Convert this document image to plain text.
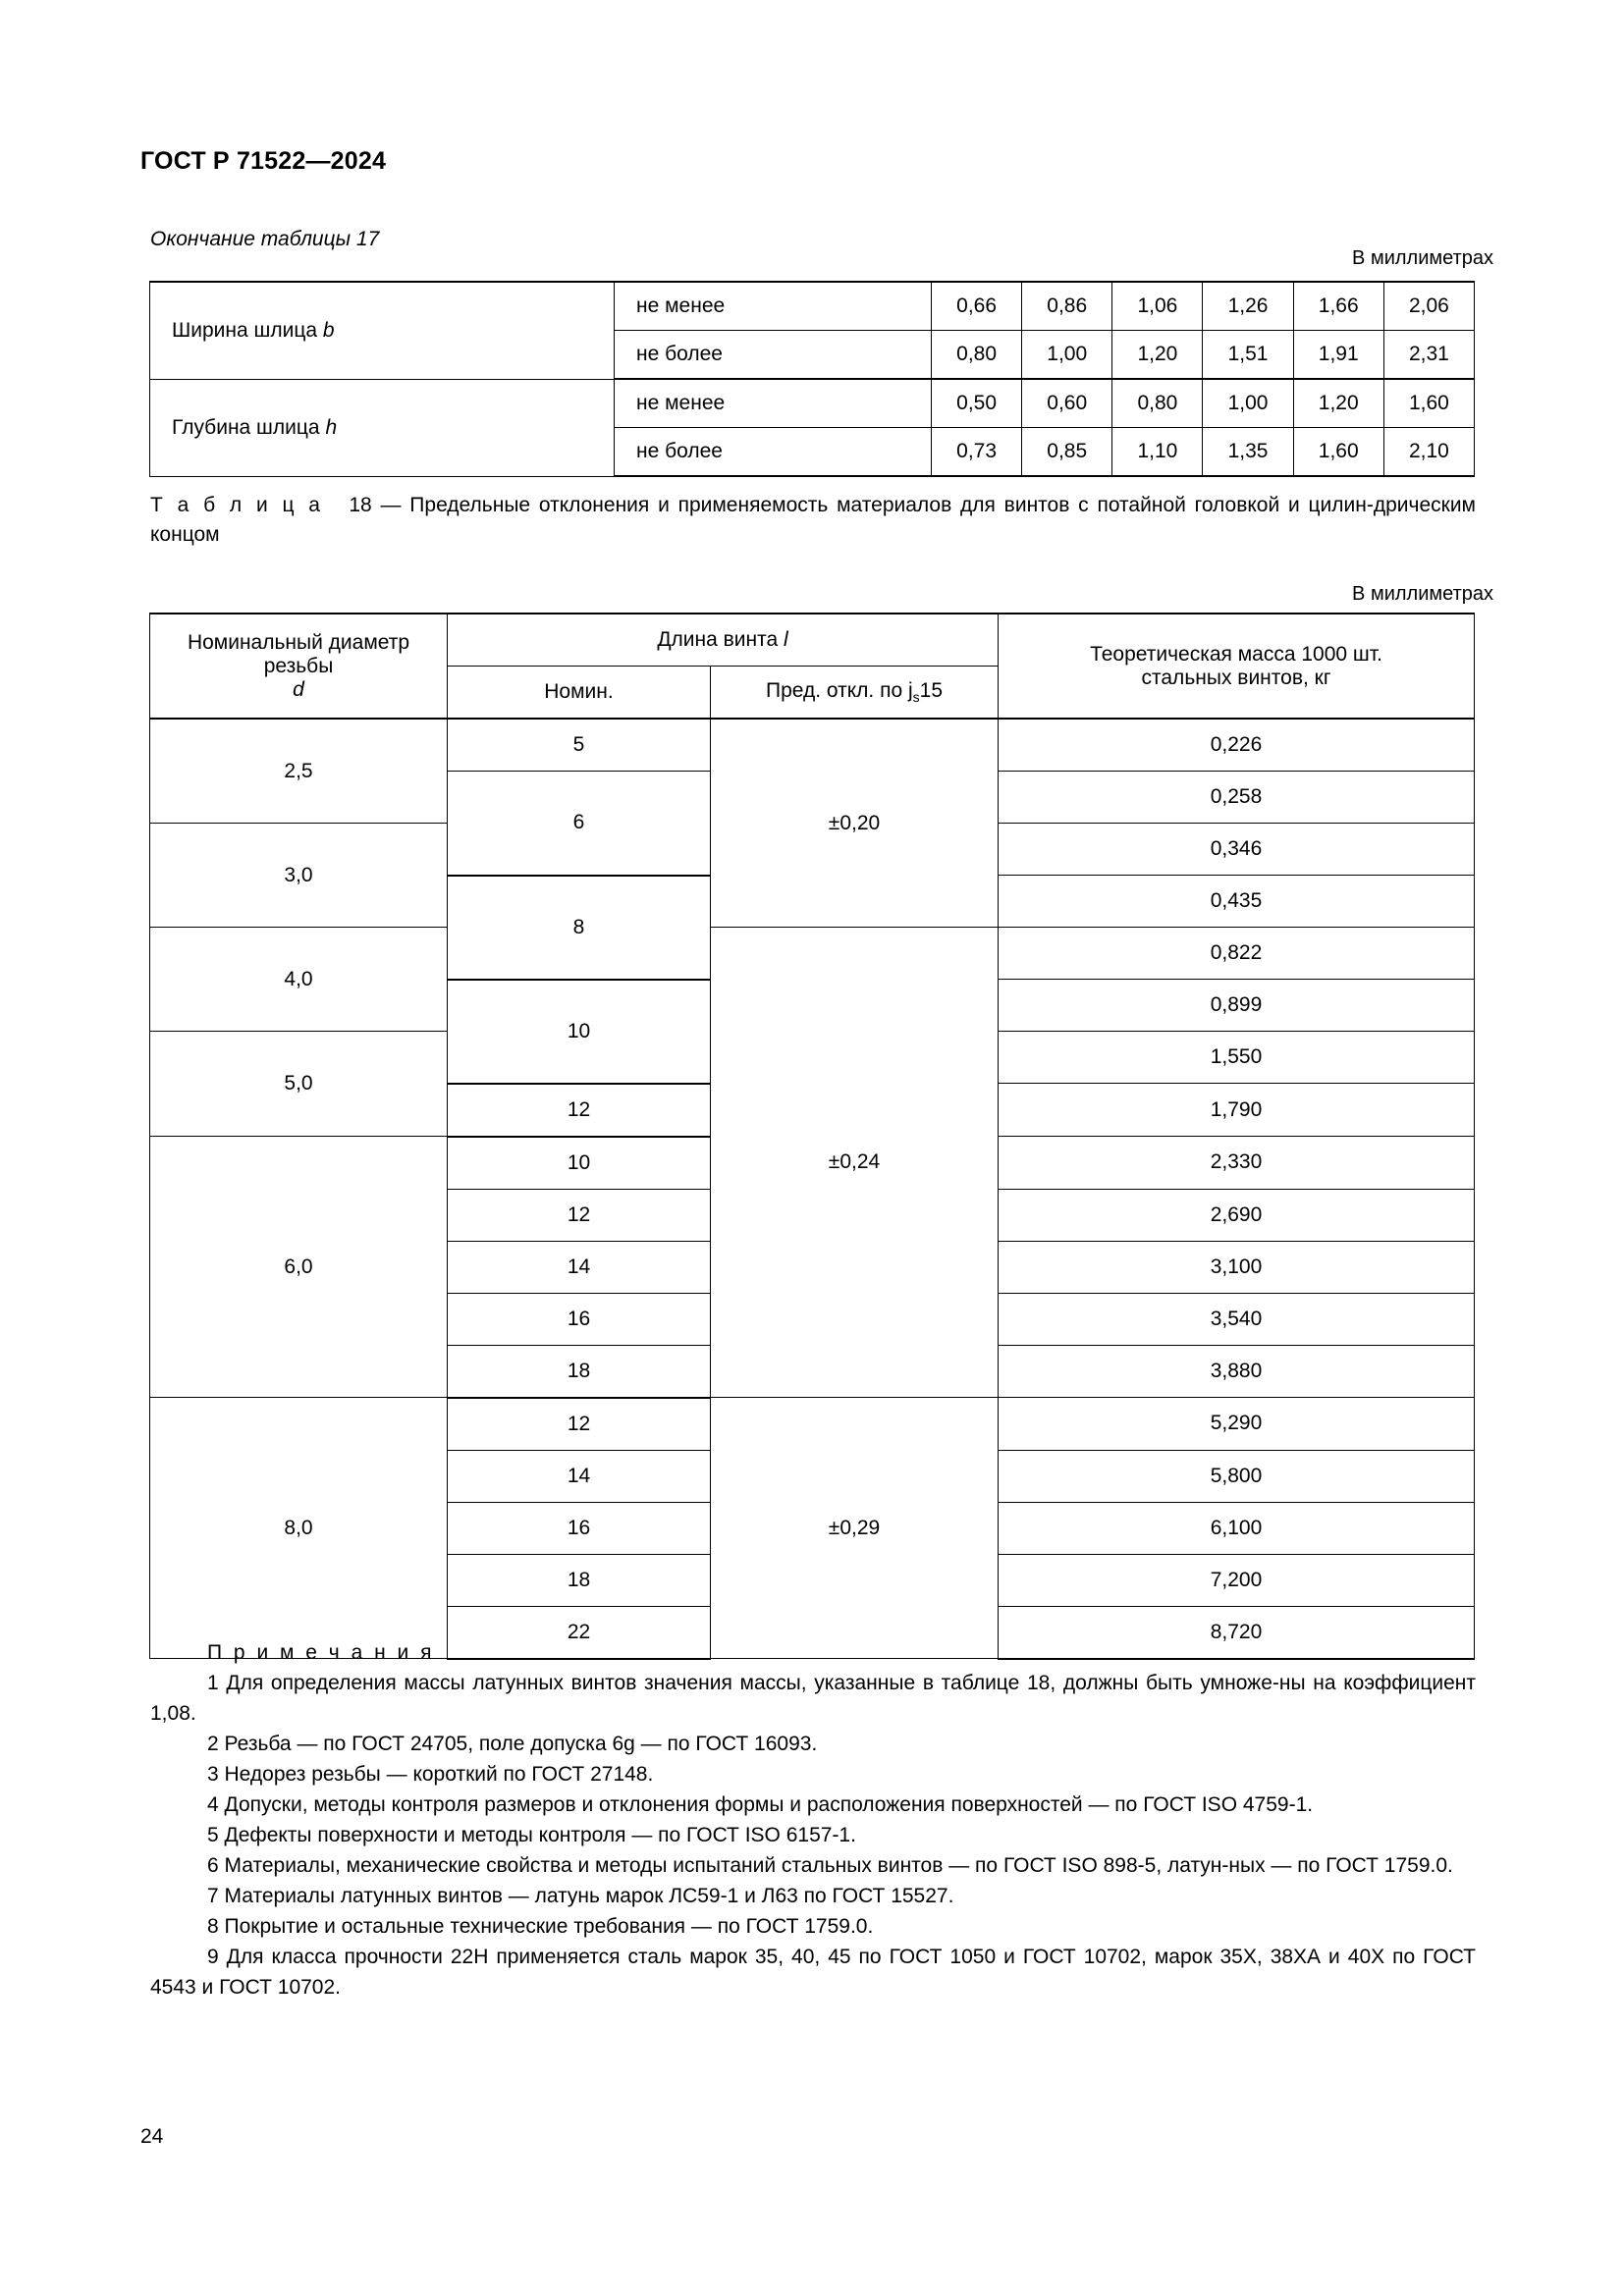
ГОСТ Р 71522—2024
Окончание таблицы 17
В миллиметрах
Ширина шлица b	не менее	0,66	0,86	1,06	1,26	1,66	2,06
	не более	0,80	1,00	1,20	1,51	1,91	2,31
Глубина шлица h	не менее	0,50	0,60	0,80	1,00	1,20	1,60
	не более	0,73	0,85	1,10	1,35	1,60	2,10
Т а б л и ц а 18 — Предельные отклонения и применяемость материалов для винтов с потайной головкой и цилин-дрическим концом
В миллиметрах
Номинальный диаметр резьбы
d	Длина винта l		Теоретическая масса 1000 шт.
стальных винтов, кг
	Номин.	Пред. откл. по $j_s15$	
2,5	5	±0,20	0,226
	6		0,258
3,0			0,346
	8		0,435
4,0		±0,24	0,822
	10		0,899
5,0			1,550
	12		1,790
6,0	10		2,330
	12		2,690
	14		3,100
	16		3,540
	18		3,880
8,0	12	±0,29	5,290
	14		5,800
	16		6,100
	18		7,200
	22		8,720
П р и м е ч а н и я

1 Для определения массы латунных винтов значения массы, указанные в таблице 18, должны быть умноже-ны на коэффициент 1,08.

2 Резьба — по ГОСТ 24705, поле допуска 6g — по ГОСТ 16093.

3 Недорез резьбы — короткий по ГОСТ 27148.

4 Допуски, методы контроля размеров и отклонения формы и расположения поверхностей — по ГОСТ ISO 4759-1.

5 Дефекты поверхности и методы контроля — по ГОСТ ISO 6157-1.

6 Материалы, механические свойства и методы испытаний стальных винтов — по ГОСТ ISO 898-5, латун-ных — по ГОСТ 1759.0.

7 Материалы латунных винтов — латунь марок ЛС59-1 и Л63 по ГОСТ 15527.

8 Покрытие и остальные технические требования — по ГОСТ 1759.0.

9 Для класса прочности 22Н применяется сталь марок 35, 40, 45 по ГОСТ 1050 и ГОСТ 10702, марок 35Х, 38ХА и 40Х по ГОСТ 4543 и ГОСТ 10702.

24
